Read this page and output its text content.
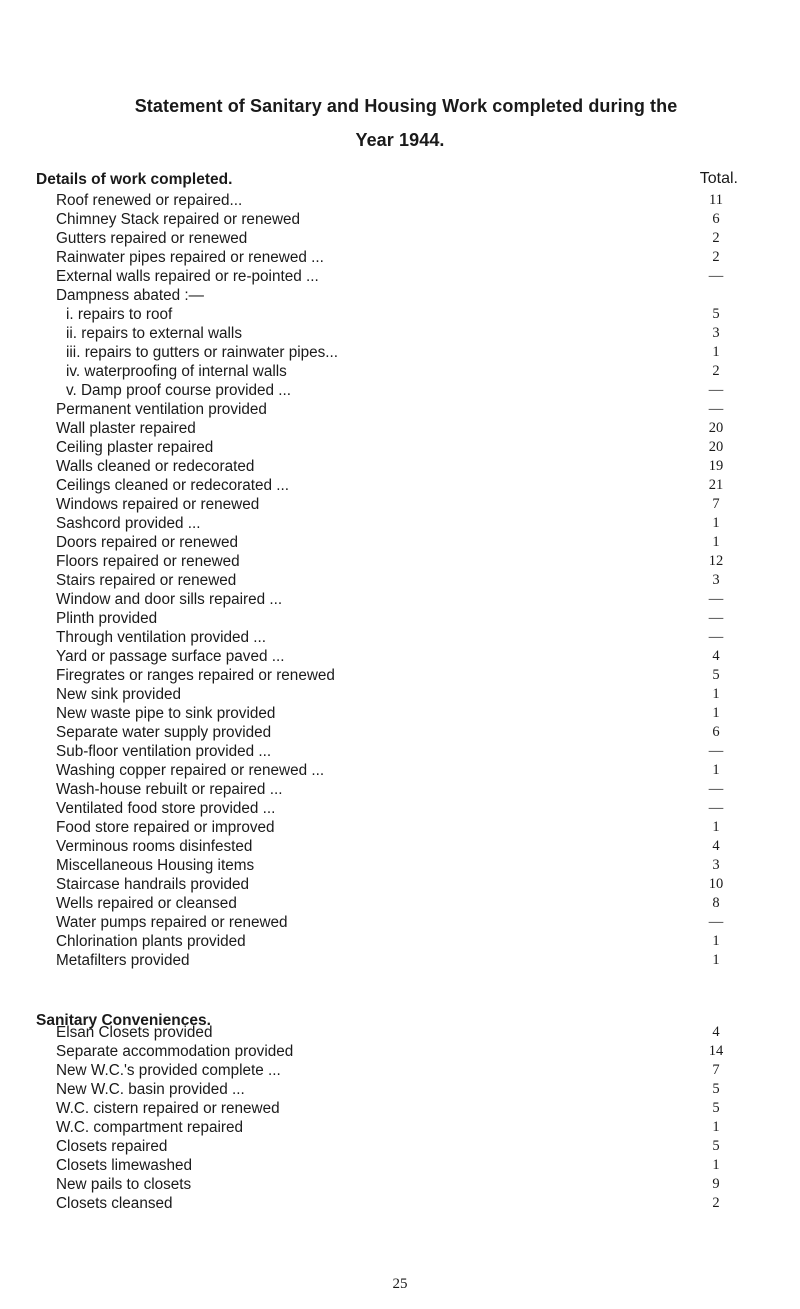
Statement of Sanitary and Housing Work completed during the
Year 1944.
Details of work completed.	Total.
Roof renewed or repaired...	11
Chimney Stack repaired or renewed	6
Gutters repaired or renewed	2
Rainwater pipes repaired or renewed ...	2
External walls repaired or re-pointed ...	—
Dampness abated :—
i. repairs to roof	5
ii. repairs to external walls	3
iii. repairs to gutters or rainwater pipes...	1
iv. waterproofing of internal walls	2
v. Damp proof course provided ...	—
Permanent ventilation provided	—
Wall plaster repaired	20
Ceiling plaster repaired	20
Walls cleaned or redecorated	19
Ceilings cleaned or redecorated ...	21
Windows repaired or renewed	7
Sashcord provided ...	1
Doors repaired or renewed	1
Floors repaired or renewed	12
Stairs repaired or renewed	3
Window and door sills repaired ...	—
Plinth provided	—
Through ventilation provided ...	—
Yard or passage surface paved ...	4
Firegrates or ranges repaired or renewed	5
New sink provided	1
New waste pipe to sink provided	1
Separate water supply provided	6
Sub-floor ventilation provided ...	—
Washing copper repaired or renewed ...	1
Wash-house rebuilt or repaired ...	—
Ventilated food store provided ...	—
Food store repaired or improved	1
Verminous rooms disinfested	4
Miscellaneous Housing items	3
Staircase handrails provided	10
Wells repaired or cleansed	8
Water pumps repaired or renewed	—
Chlorination plants provided	1
Metafilters provided	1
Sanitary Conveniences.
Elsan Closets provided	4
Separate accommodation provided	14
New W.C.'s provided complete ...	7
New W.C. basin provided ...	5
W.C. cistern repaired or renewed	5
W.C. compartment repaired	1
Closets repaired	5
Closets limewashed	1
New pails to closets	9
Closets cleansed	2
25
